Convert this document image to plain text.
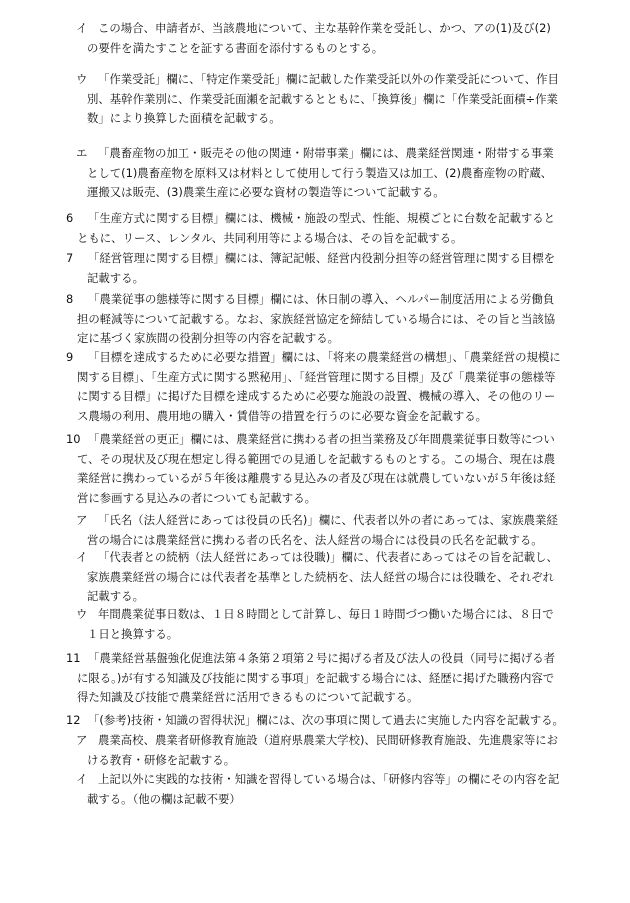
イ この場合、申請者が、当該農地について、主な基幹作業を受託し、かつ、アの(1)及び(2)
の要件を満たすことを証する書面を添付するものとする。
ウ 「作業受託」欄に、「特定作業受託」欄に記載した作業受託以外の作業受託について、作目
別、基幹作業別に、作業受託面瀬を記載するとともに、「換算後」欄に「作業受託面積÷作業
数」により換算した面積を記載する。
エ 「農畜産物の加工・販売その他の関連・附帯事業」欄には、農業経営関連・附帯する事業
として(1)農畜産物を原料又は材料として使用して行う製造又は加工、(2)農畜産物の貯蔵、
運搬又は販売、(3)農業生産に必要な資材の製造等について記載する。
6 「生産方式に関する目標」欄には、機械・施設の型式、性能、規模ごとに台数を記載すると
ともに、リース、レンタル、共同利用等による場合は、その旨を記載する。
7 「経営管理に関する目標」欄には、簿記記帳、経営内役割分担等の経営管理に関する目標を
記載する。
8 「農業従事の態様等に関する目標」欄には、休日制の導入、ヘルパー制度活用による労働負
担の軽減等について記載する。なお、家族経営協定を締結している場合には、その旨と当該協
定に基づく家族間の役割分担等の内容を記載する。
9 「目標を達成するために必要な措置」欄には、「将来の農業経営の構想」、「農業経営の規模に
関する目標」、「生産方式に関する黙秘用」、「経営管理に関する目標」及び「農業従事の態様等
に関する目標」に掲げた目標を達成するために必要な施設の設置、機械の導入、その他のリー
ス農場の利用、農用地の購入・賃借等の措置を行うのに必要な資金を記載する。
10 「農業経営の更正」欄には、農業経営に携わる者の担当業務及び年間農業従事日数等につい
て、その現状及び現在想定し得る範囲での見通しを記載するものとする。この場合、現在は農
業経営に携わっているが５年後は離農する見込みの者及び現在は就農していないが５年後は経
営に参画する見込みの者についても記載する。
ア 「氏名（法人経営にあっては役員の氏名)」欄に、代表者以外の者にあっては、家族農業経
営の場合には農業経営に携わる者の氏名を、法人経営の場合には役員の氏名を記載する。
イ 「代表者との続柄（法人経営にあっては役職)」欄に、代表者にあってはその旨を記載し、
家族農業経営の場合には代表者を基準とした続柄を、法人経営の場合には役職を、それぞれ
記載する。
ウ 年間農業従事日数は、１日８時間として計算し、毎日１時間づつ働いた場合には、８日で
１日と換算する。
11 「農業経営基盤強化促進法第４条第２項第２号に掲げる者及び法人の役員（同号に掲げる者
に限る。)が有する知識及び技能に関する事項」を記載する場合には、経歴に掲げた職務内容で
得た知識及び技能で農業経営に活用できるものについて記載する。
12 「(参考)技術・知識の習得状況」欄には、次の事項に関して過去に実施した内容を記載する。
ア 農業高校、農業者研修教育施設（道府県農業大学校)、民間研修教育施設、先進農家等にお
ける教育・研修を記載する。
イ 上記以外に実践的な技術・知識を習得している場合は、「研修内容等」の欄にその内容を記
載する。（他の欄は記載不要）
